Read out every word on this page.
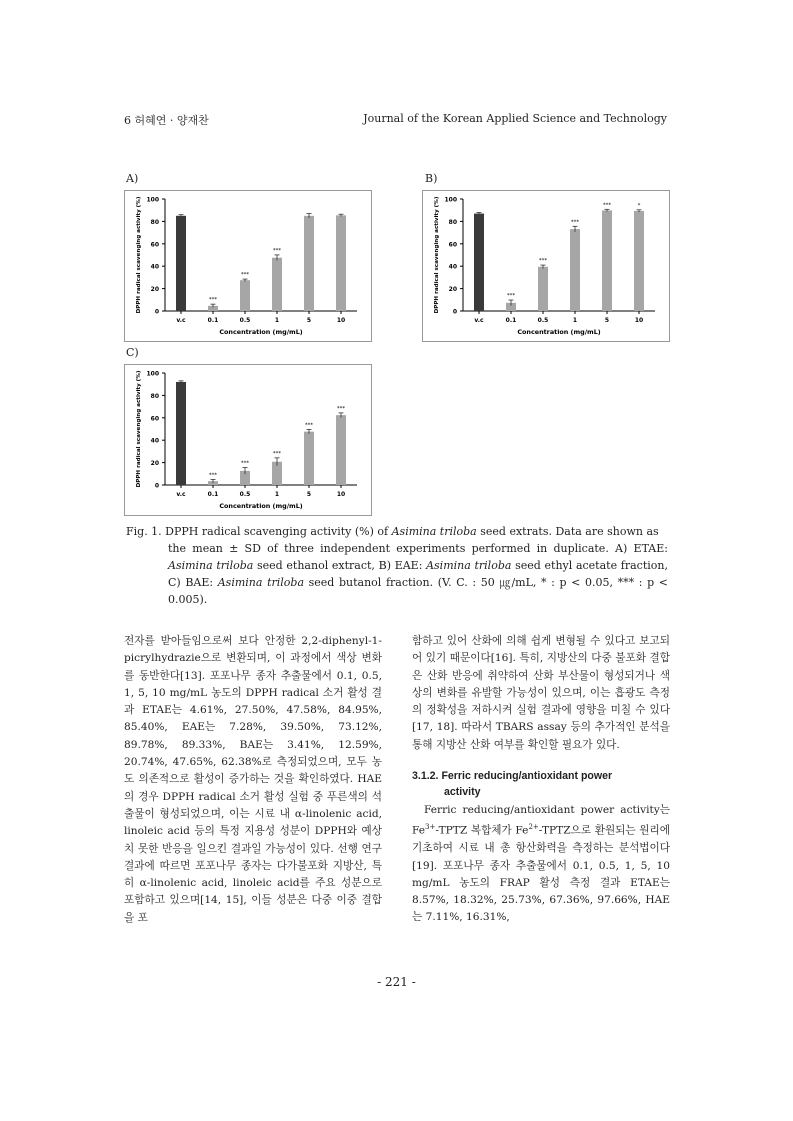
6 허혜연 · 양재찬	Journal of the Korean Applied Science and Technology
A)	B)
C)
0
20
40
60
80
100
DPPH radical scavenging activity (%)
v.c
***
0.1
***
0.5
***
1	5	10
Concentration (mg/mL)
0
20
40
60
80
100
DPPH radical scavenging activity (%)
v.c
***
0.1
***
0.5
***
1
***
5
*
10
Concentration (mg/mL)
0
20
40
60
80
100
DPPH radical scavenging activity (%)
v.c
***
0.1
***
0.5
***
1
***
5
***
10
Concentration (mg/mL)
Fig. 1. DPPH radical scavenging activity (%) of Asimina triloba seed extrats. Data are shown as
the mean ± SD of three independent experiments performed in duplicate. A) ETAE: Asimina triloba seed ethanol extract, B) EAE: Asimina triloba seed ethyl acetate fraction, C) BAE: Asimina triloba seed butanol fraction. (V. C. : 50 ㎍/mL, * : p < 0.05, *** : p < 0.005).

전자를 받아들임으로써 보다 안정한 2,2-diphenyl-1-picrylhydrazie으로 변환되며, 이 과정에서 색상 변화를 동반한다[13]. 포포나무 종자 추출물에서 0.1, 0.5, 1, 5, 10 mg/mL 농도의 DPPH radical 소거 활성 결과 ETAE는 4.61%, 27.50%, 47.58%, 84.95%, 85.40%, EAE는 7.28%, 39.50%, 73.12%, 89.78%, 89.33%, BAE는 3.41%, 12.59%, 20.74%, 47.65%, 62.38%로 측정되었으며, 모두 농도 의존적으로 활성이 증가하는 것을 확인하였다. HAE의 경우 DPPH radical 소거 활성 실험 중 푸른색의 석출물이 형성되었으며, 이는 시료 내 α-linolenic acid, linoleic acid 등의 특정 지용성 성분이 DPPH와 예상치 못한 반응을 일으킨 결과일 가능성이 있다. 선행 연구 결과에 따르면 포포나무 종자는 다가불포화 지방산, 특히 α-linolenic acid, linoleic acid를 주요 성분으로 포함하고 있으며[14, 15], 이들 성분은 다중 이중 결합을 포

함하고 있어 산화에 의해 쉽게 변형될 수 있다고 보고되어 있기 때문이다[16]. 특히, 지방산의 다중 불포화 결합은 산화 반응에 취약하여 산화 부산물이 형성되거나 색상의 변화를 유발할 가능성이 있으며, 이는 흡광도 측정의 정확성을 저하시켜 실험 결과에 영향을 미칠 수 있다[17, 18]. 따라서 TBARS assay 등의 추가적인 분석을 통해 지방산 산화 여부를 확인할 필요가 있다.

3.1.2. Ferric reducing/antioxidant power
activity

Ferric reducing/antioxidant power activity는 $Fe^{3+}$-TPTZ 복합체가 $Fe^{2+}$-TPTZ으로 환원되는 원리에 기초하여 시료 내 총 항산화력을 측정하는 분석법이다[19]. 포포나무 종자 추출물에서 0.1, 0.5, 1, 5, 10 mg/mL 농도의 FRAP 활성 측정 결과 ETAE는 8.57%, 18.32%, 25.73%, 67.36%, 97.66%, HAE는 7.11%, 16.31%,

- 221 -
